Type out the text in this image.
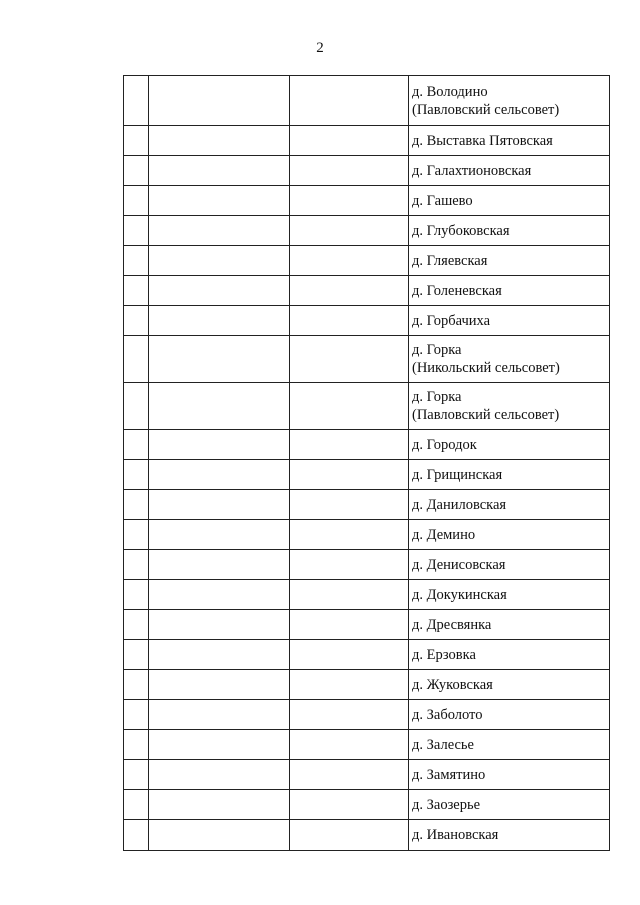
2

			д. Володино
(Павловский сельсовет)

			д. Выставка Пятовская

			д. Галахтионовская

			д. Гашево

			д. Глубоковская

			д. Гляевская

			д. Голеневская

			д. Горбачиха

			д. Горка
(Никольский сельсовет)

			д. Горка
(Павловский сельсовет)

			д. Городок

			д. Грищинская

			д. Даниловская

			д. Демино

			д. Денисовская

			д. Докукинская

			д. Дресвянка

			д. Ерзовка

			д. Жуковская

			д. Заболото

			д. Залесье

			д. Замятино

			д. Заозерье

			д. Ивановская
